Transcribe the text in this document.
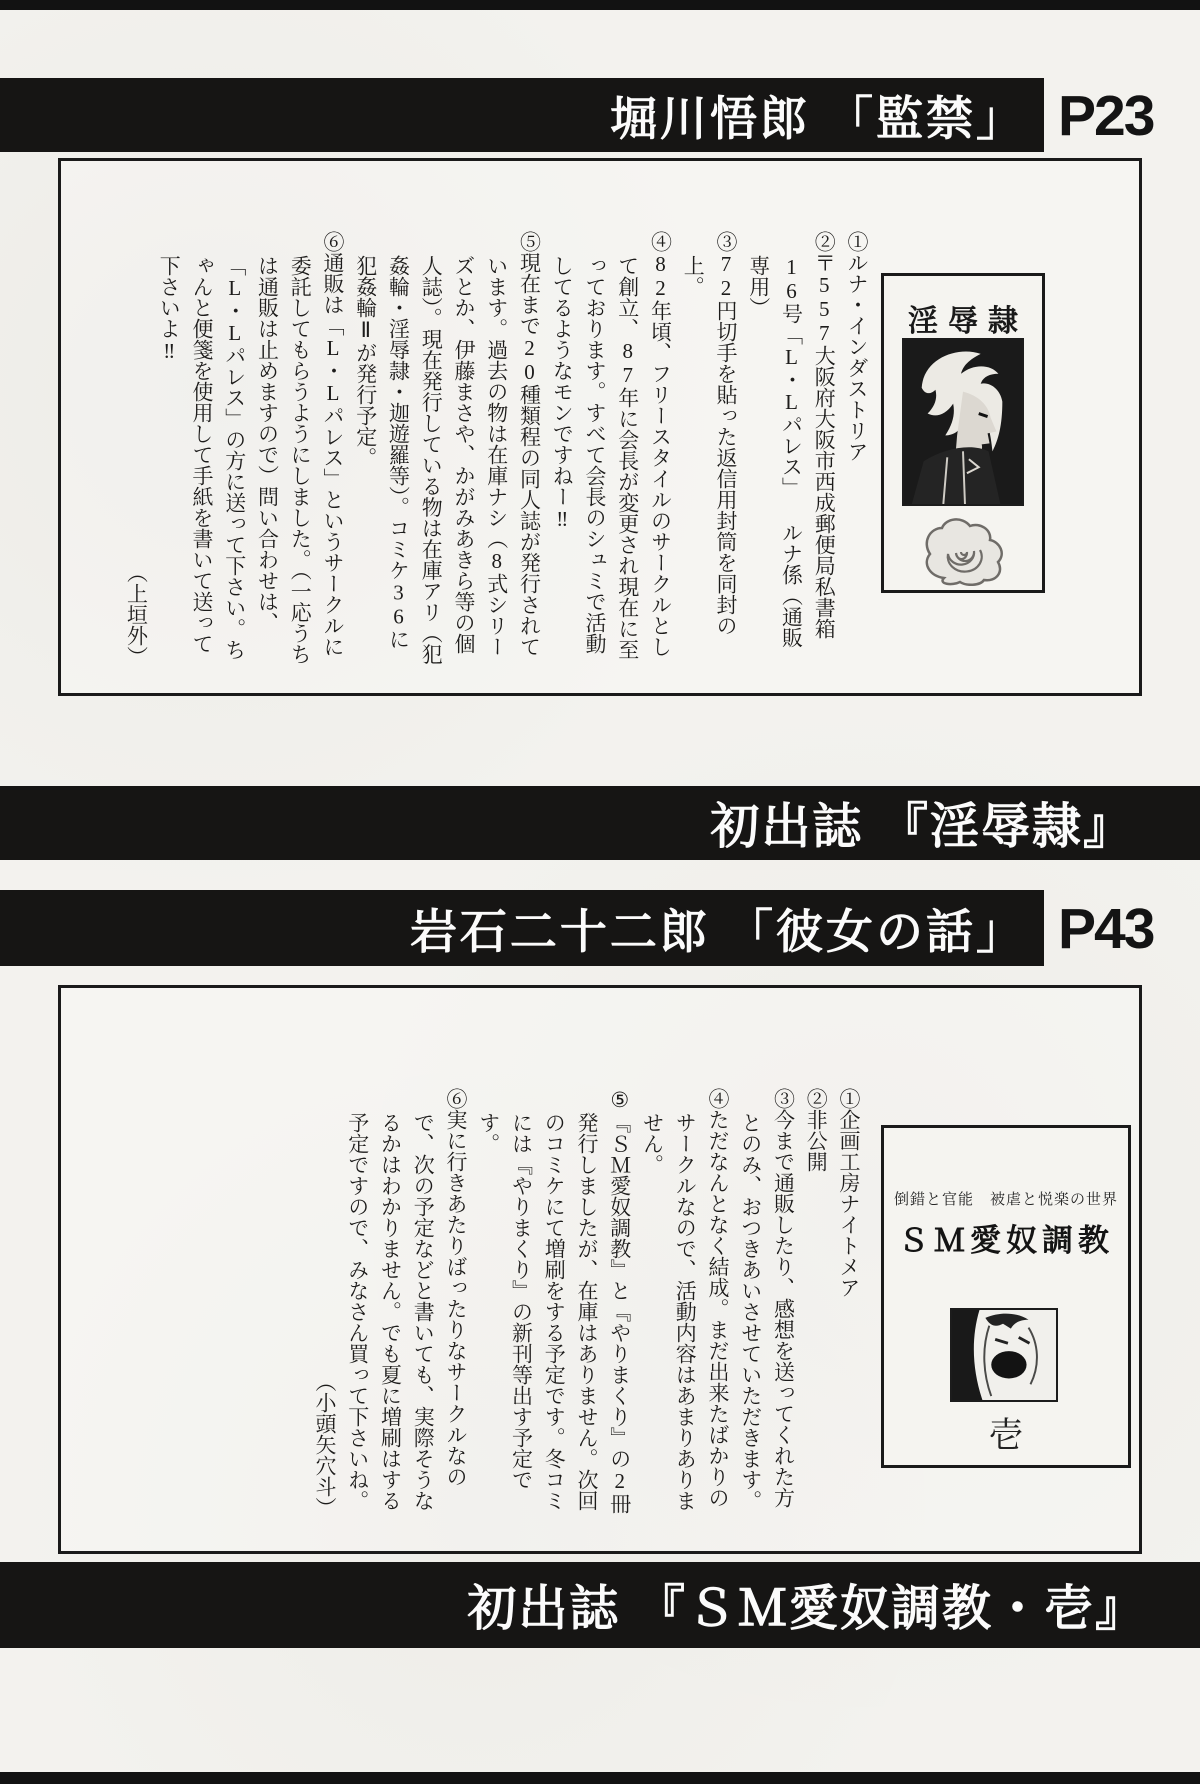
堀川悟郎 「監禁」 P23

①ルナ・インダストリア

②〒557大阪府大阪市西成郵便局私書箱16号「L・Lパレス」 ルナ係（通販専用）

③72円切手を貼った返信用封筒を同封の上。

④82年頃、フリースタイルのサークルとして創立、87年に会長が変更され現在に至っております。すべて会長のシュミで活動してるようなモンですねー‼

⑤現在まで20種類程の同人誌が発行されています。過去の物は在庫ナシ（8式シリーズとか、伊藤まさや、かがみあきら等の個人誌）。現在発行している物は在庫アリ（犯姦輪・淫辱隷・迦遊羅等）。コミケ36に犯姦輪Ⅱが発行予定。

⑥通販は「L・Lパレス」というサークルに委託してもらうようにしました。（一応うちは通販は止めますので）問い合わせは、「L・Lパレス」の方に送って下さい。ちゃんと便箋を使用して手紙を書いて送って下さいよ‼

（上垣外）

淫辱隷
初出誌 『淫辱隷』
岩石二十二郎 「彼女の話」 P43

①企画工房ナイトメア

②非公開

③今まで通販したり、感想を送ってくれた方とのみ、おつきあいさせていただきます。

④ただなんとなく結成。まだ出来たばかりのサークルなので、活動内容はあまりありません。

⑤『ＳＭ愛奴調教』と『やりまくり』の2冊発行しましたが、在庫はありません。次回のコミケにて増刷をする予定です。冬コミには『やりまくり』の新刊等出す予定です。

⑥実に行きあたりばったりなサークルなので、次の予定などと書いても、実際そうなるかはわかりません。でも夏に増刷はする予定ですので、みなさん買って下さいね。

（小頭矢穴斗）

倒錯と官能　被虐と悦楽の世界
ＳＭ愛奴調教
壱
初出誌 『ＳＭ愛奴調教・壱』
